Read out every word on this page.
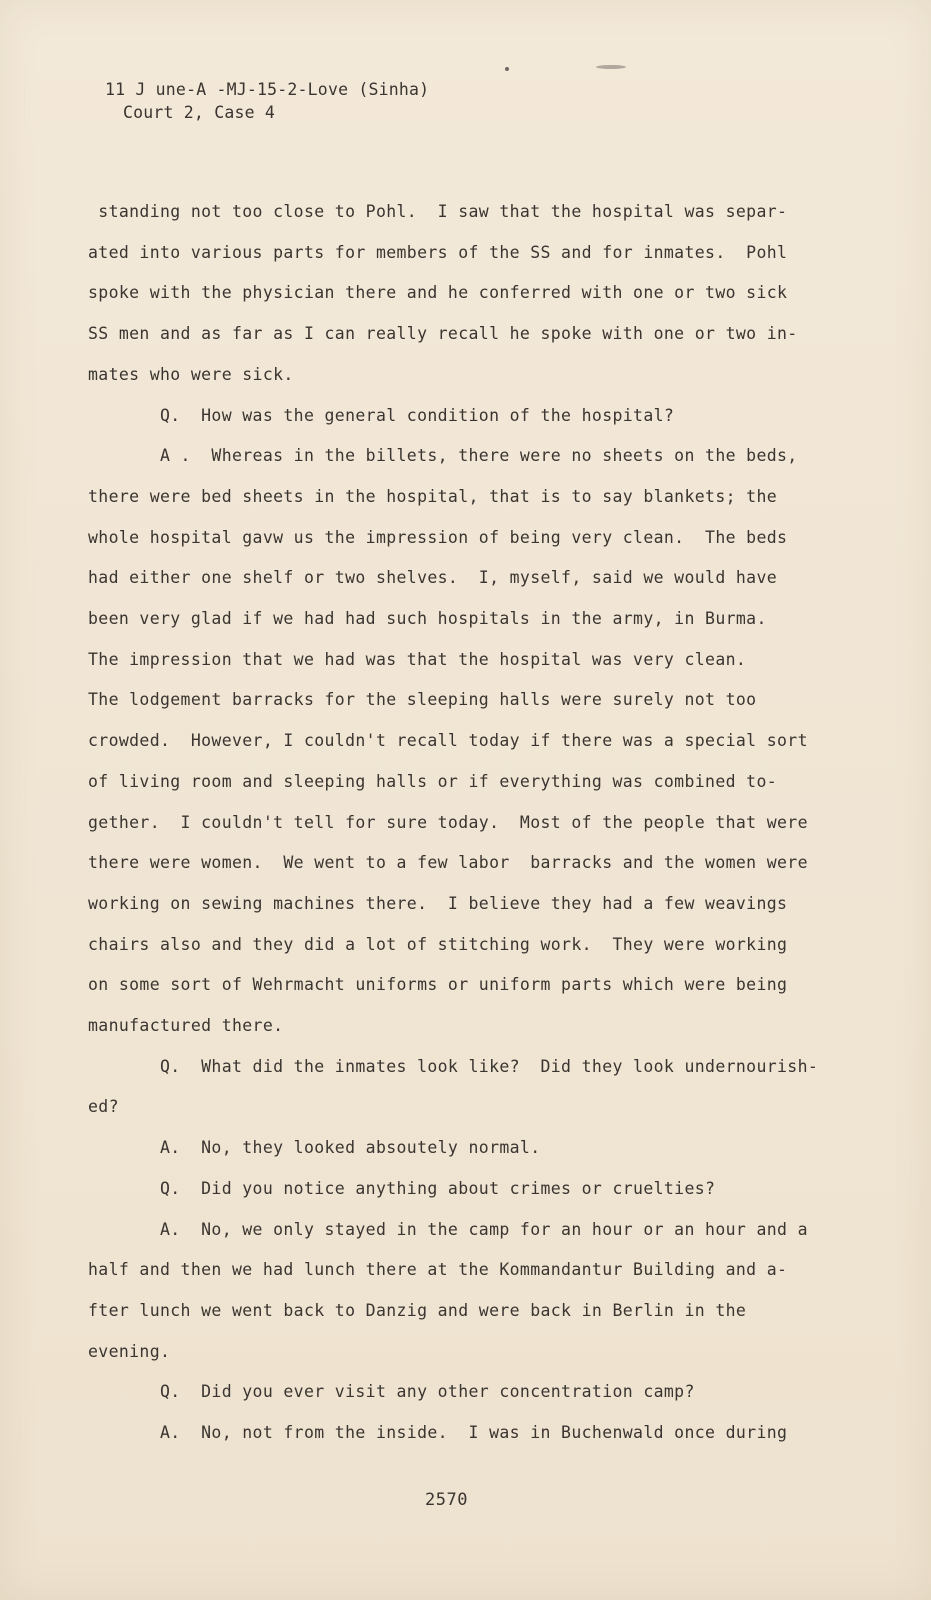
11 J une-A -MJ-15-2-Love (Sinha)
Court 2, Case 4
standing not too close to Pohl.  I saw that the hospital was separ-
ated into various parts for members of the SS and for inmates.  Pohl
spoke with the physician there and he conferred with one or two sick
SS men and as far as I can really recall he spoke with one or two in-
mates who were sick.
Q.  How was the general condition of the hospital?
A .  Whereas in the billets, there were no sheets on the beds,
there were bed sheets in the hospital, that is to say blankets; the
whole hospital gavw us the impression of being very clean.  The beds
had either one shelf or two shelves.  I, myself, said we would have
been very glad if we had had such hospitals in the army, in Burma.
The impression that we had was that the hospital was very clean.
The lodgement barracks for the sleeping halls were surely not too
crowded.  However, I couldn't recall today if there was a special sort
of living room and sleeping halls or if everything was combined to-
gether.  I couldn't tell for sure today.  Most of the people that were
there were women.  We went to a few labor  barracks and the women were
working on sewing machines there.  I believe they had a few weavings
chairs also and they did a lot of stitching work.  They were working
on some sort of Wehrmacht uniforms or uniform parts which were being
manufactured there.
Q.  What did the inmates look like?  Did they look undernourish-
ed?
A.  No, they looked absoutely normal.
Q.  Did you notice anything about crimes or cruelties?
A.  No, we only stayed in the camp for an hour or an hour and a
half and then we had lunch there at the Kommandantur Building and a-
fter lunch we went back to Danzig and were back in Berlin in the
evening.
Q.  Did you ever visit any other concentration camp?
A.  No, not from the inside.  I was in Buchenwald once during
2570
